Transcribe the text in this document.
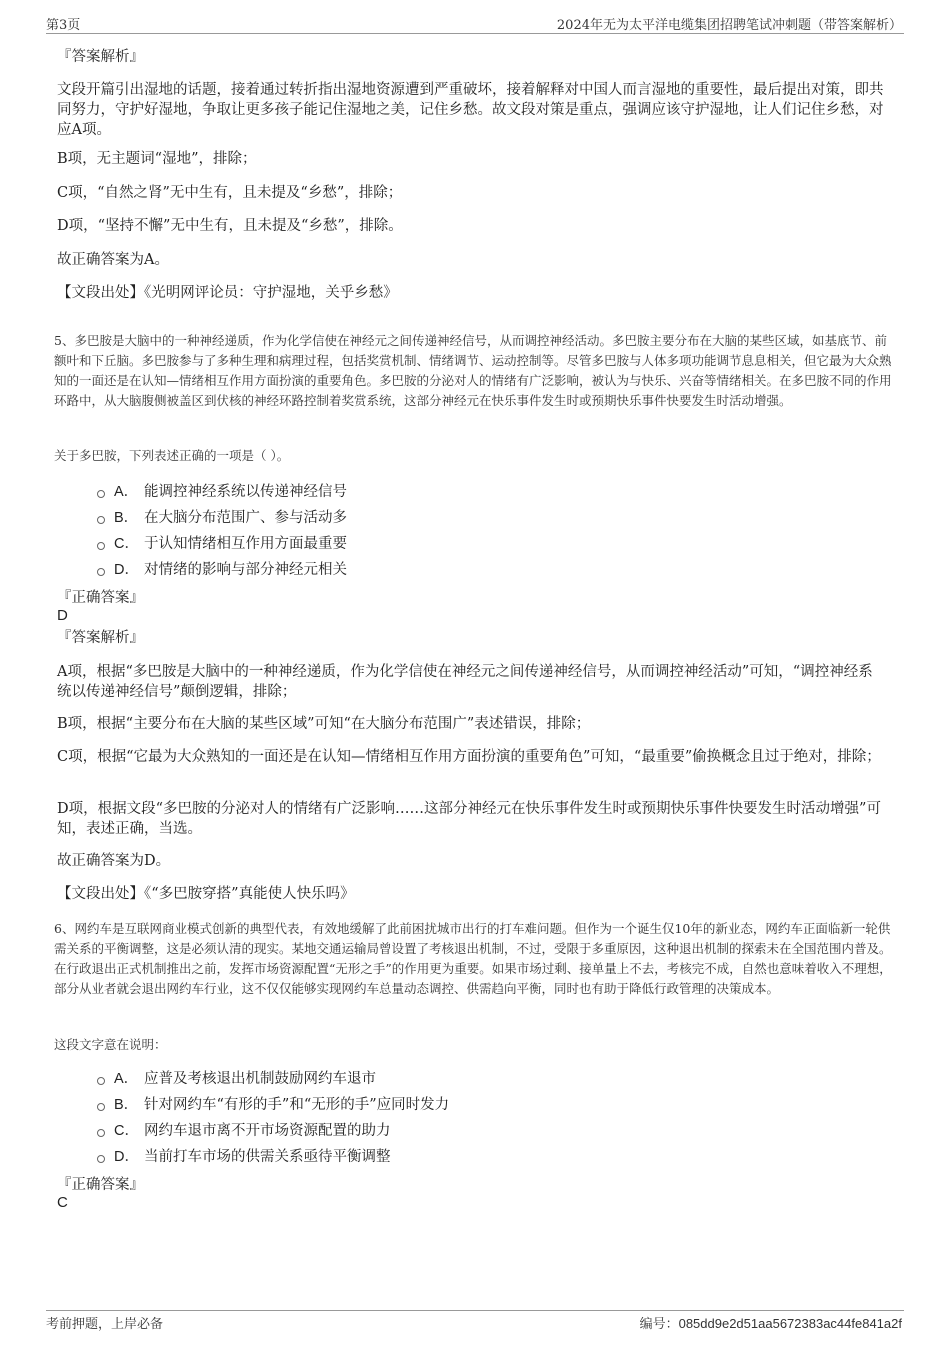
第3页	2024年无为太平洋电缆集团招聘笔试冲刺题（带答案解析）
『答案解析』
文段开篇引出湿地的话题，接着通过转折指出湿地资源遭到严重破坏，接着解释对中国人而言湿地的重要性，最后提出对策，即共同努力，守护好湿地，争取让更多孩子能记住湿地之美，记住乡愁。故文段对策是重点，强调应该守护湿地，让人们记住乡愁，对应A项。
B项，无主题词“湿地”，排除；
C项，“自然之肾”无中生有，且未提及“乡愁”，排除；
D项，“坚持不懈”无中生有，且未提及“乡愁”，排除。
故正确答案为A。
【文段出处】《光明网评论员：守护湿地，关乎乡愁》
5、多巴胺是大脑中的一种神经递质，作为化学信使在神经元之间传递神经信号，从而调控神经活动。多巴胺主要分布在大脑的某些区域，如基底节、前额叶和下丘脑。多巴胺参与了多种生理和病理过程，包括奖赏机制、情绪调节、运动控制等。尽管多巴胺与人体多项功能调节息息相关，但它最为大众熟知的一面还是在认知—情绪相互作用方面扮演的重要角色。多巴胺的分泌对人的情绪有广泛影响，被认为与快乐、兴奋等情绪相关。在多巴胺不同的作用环路中，从大脑腹侧被盖区到伏核的神经环路控制着奖赏系统，这部分神经元在快乐事件发生时或预期快乐事件快要发生时活动增强。
关于多巴胺，下列表述正确的一项是（ ）。
A． 能调控神经系统以传递神经信号
B． 在大脑分布范围广、参与活动多
C． 于认知情绪相互作用方面最重要
D． 对情绪的影响与部分神经元相关
『正确答案』
D
『答案解析』
A项，根据“多巴胺是大脑中的一种神经递质，作为化学信使在神经元之间传递神经信号，从而调控神经活动”可知，“调控神经系统以传递神经信号”颠倒逻辑，排除；
B项，根据“主要分布在大脑的某些区域”可知“在大脑分布范围广”表述错误，排除；
C项，根据“它最为大众熟知的一面还是在认知—情绪相互作用方面扮演的重要角色”可知，“最重要”偷换概念且过于绝对，排除；
D项，根据文段“多巴胺的分泌对人的情绪有广泛影响……这部分神经元在快乐事件发生时或预期快乐事件快要发生时活动增强”可知，表述正确，当选。
故正确答案为D。
【文段出处】《“多巴胺穿搭”真能使人快乐吗》
6、网约车是互联网商业模式创新的典型代表，有效地缓解了此前困扰城市出行的打车难问题。但作为一个诞生仅10年的新业态，网约车正面临新一轮供需关系的平衡调整，这是必须认清的现实。某地交通运输局曾设置了考核退出机制，不过，受限于多重原因，这种退出机制的探索未在全国范围内普及。在行政退出正式机制推出之前，发挥市场资源配置“无形之手”的作用更为重要。如果市场过剩、接单量上不去，考核完不成，自然也意味着收入不理想，部分从业者就会退出网约车行业，这不仅仅能够实现网约车总量动态调控、供需趋向平衡，同时也有助于降低行政管理的决策成本。
这段文字意在说明：
A． 应普及考核退出机制鼓励网约车退市
B． 针对网约车“有形的手”和“无形的手”应同时发力
C． 网约车退市离不开市场资源配置的助力
D． 当前打车市场的供需关系亟待平衡调整
『正确答案』
C
考前押题，上岸必备	编号：085dd9e2d51aa5672383ac44fe841a2f
